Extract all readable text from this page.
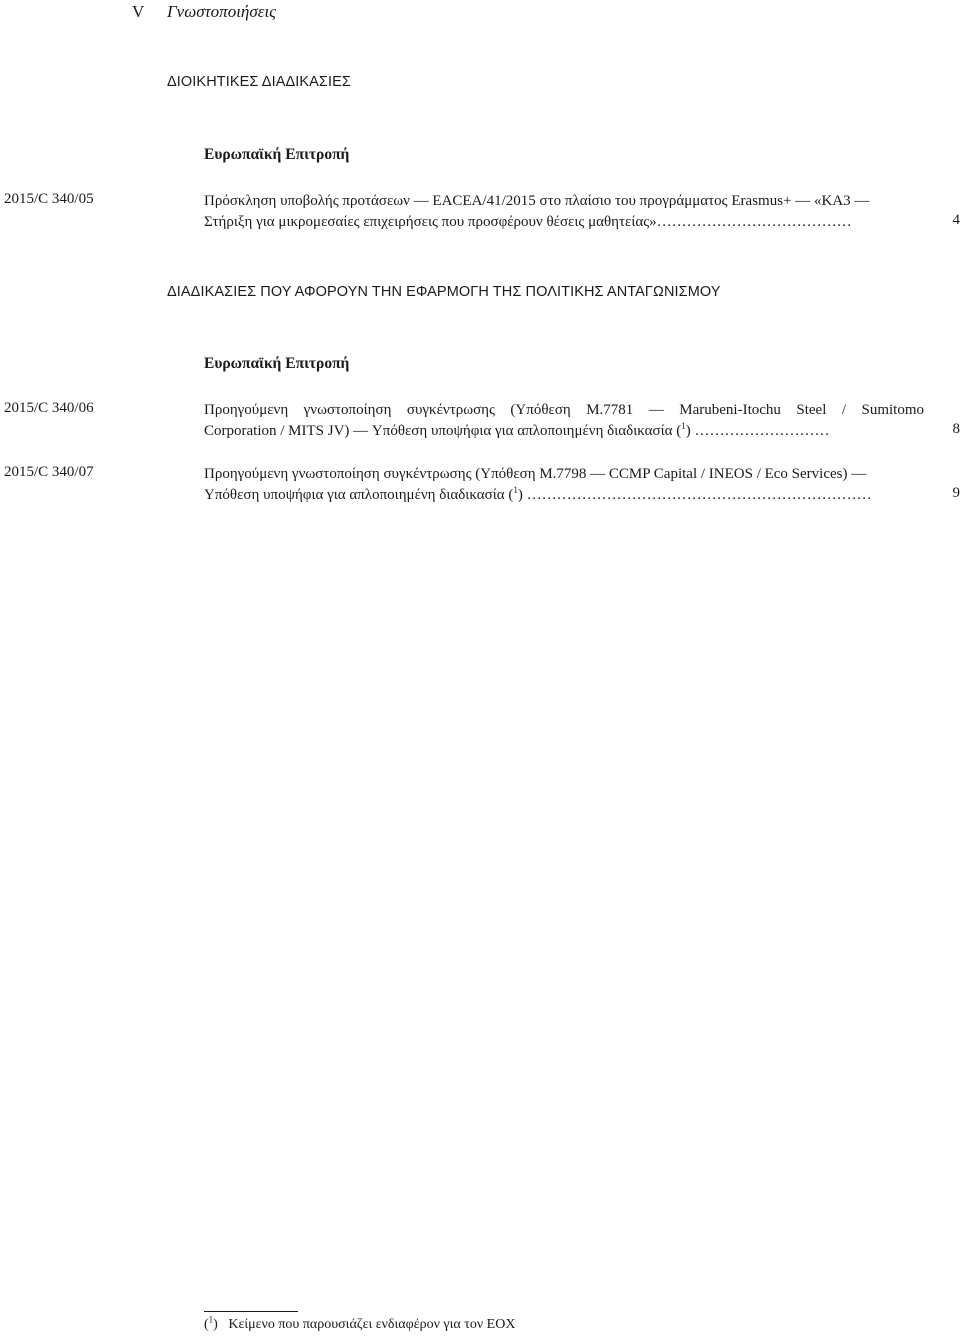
V Γνωστοποιήσεις
ΔΙΟΙΚΗΤΙΚΕΣ ΔΙΑΔΙΚΑΣΙΕΣ
Ευρωπαϊκή Επιτροπή
2015/C 340/05	Πρόσκληση υποβολής προτάσεων — EACEA/41/2015 στο πλαίσιο του προγράμματος Erasmus+ — «KA3 —
Στήριξη για μικρομεσαίες επιχειρήσεις που προσφέρουν θέσεις μαθητείας»…………………………………	4
ΔΙΑΔΙΚΑΣΙΕΣ ΠΟΥ ΑΦΟΡΟΥΝ ΤΗΝ ΕΦΑΡΜΟΓΗ ΤΗΣ ΠΟΛΙΤΙΚΗΣ ΑΝΤΑΓΩΝΙΣΜΟΥ
Ευρωπαϊκή Επιτροπή
2015/C 340/06	Προηγούμενη γνωστοποίηση συγκέντρωσης (Υπόθεση M.7781 — Marubeni-Itochu Steel / Sumitomo
Corporation / MITS JV) — Υπόθεση υποψήφια για απλοποιημένη διαδικασία ($^1$) ………………………	8
2015/C 340/07	Προηγούμενη γνωστοποίηση συγκέντρωσης (Υπόθεση M.7798 — CCMP Capital / INEOS / Eco Services) —
Υπόθεση υποψήφια για απλοποιημένη διαδικασία ($^1$) ……………………………………………………………	9
($^1$)   Κείμενο που παρουσιάζει ενδιαφέρον για τον ΕΟΧ
